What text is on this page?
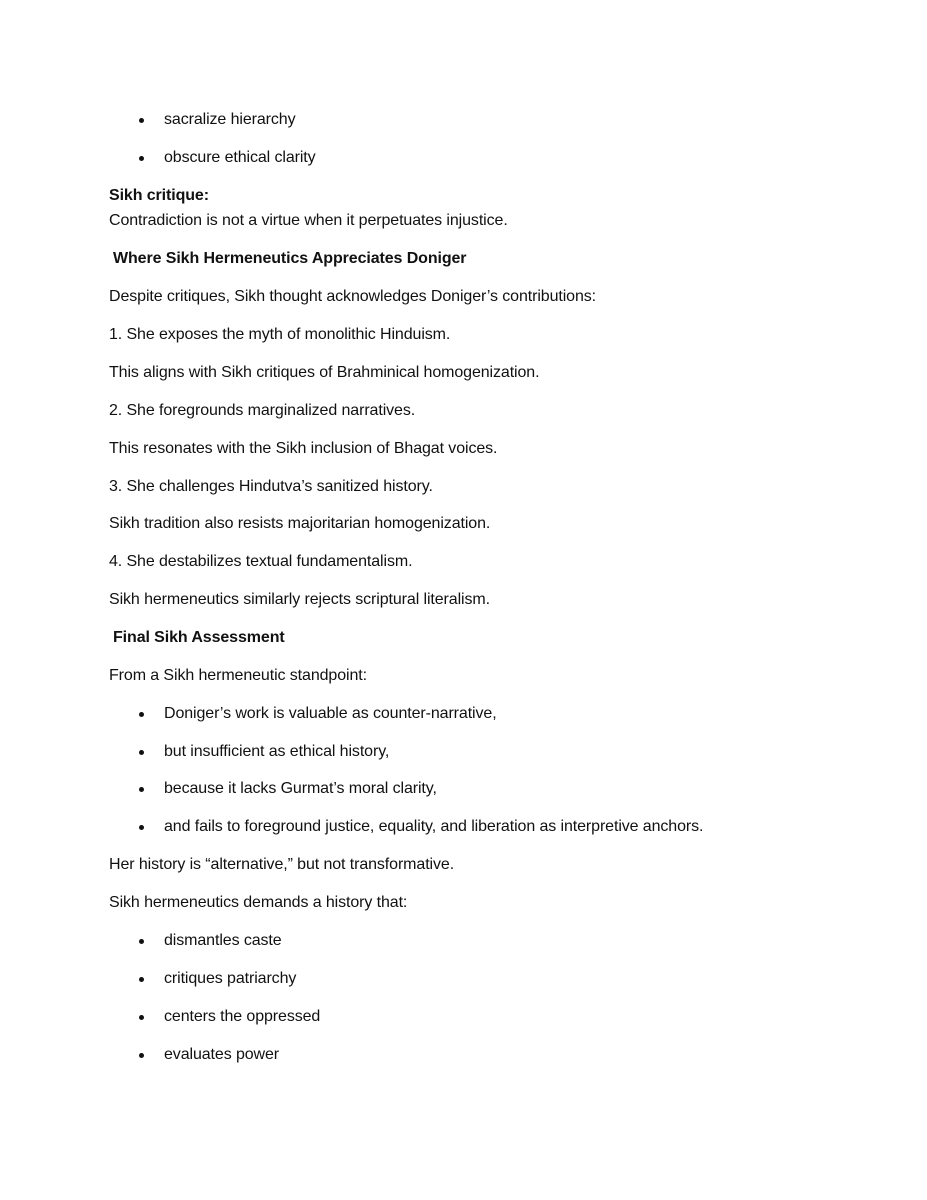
sacralize hierarchy
obscure ethical clarity
Sikh critique:
Contradiction is not a virtue when it perpetuates injustice.
Where Sikh Hermeneutics Appreciates Doniger
Despite critiques, Sikh thought acknowledges Doniger’s contributions:
1. She exposes the myth of monolithic Hinduism.
This aligns with Sikh critiques of Brahminical homogenization.
2. She foregrounds marginalized narratives.
This resonates with the Sikh inclusion of Bhagat voices.
3. She challenges Hindutva’s sanitized history.
Sikh tradition also resists majoritarian homogenization.
4. She destabilizes textual fundamentalism.
Sikh hermeneutics similarly rejects scriptural literalism.
Final Sikh Assessment
From a Sikh hermeneutic standpoint:
Doniger’s work is valuable as counter-narrative,
but insufficient as ethical history,
because it lacks Gurmat’s moral clarity,
and fails to foreground justice, equality, and liberation as interpretive anchors.
Her history is “alternative,” but not transformative.
Sikh hermeneutics demands a history that:
dismantles caste
critiques patriarchy
centers the oppressed
evaluates power
